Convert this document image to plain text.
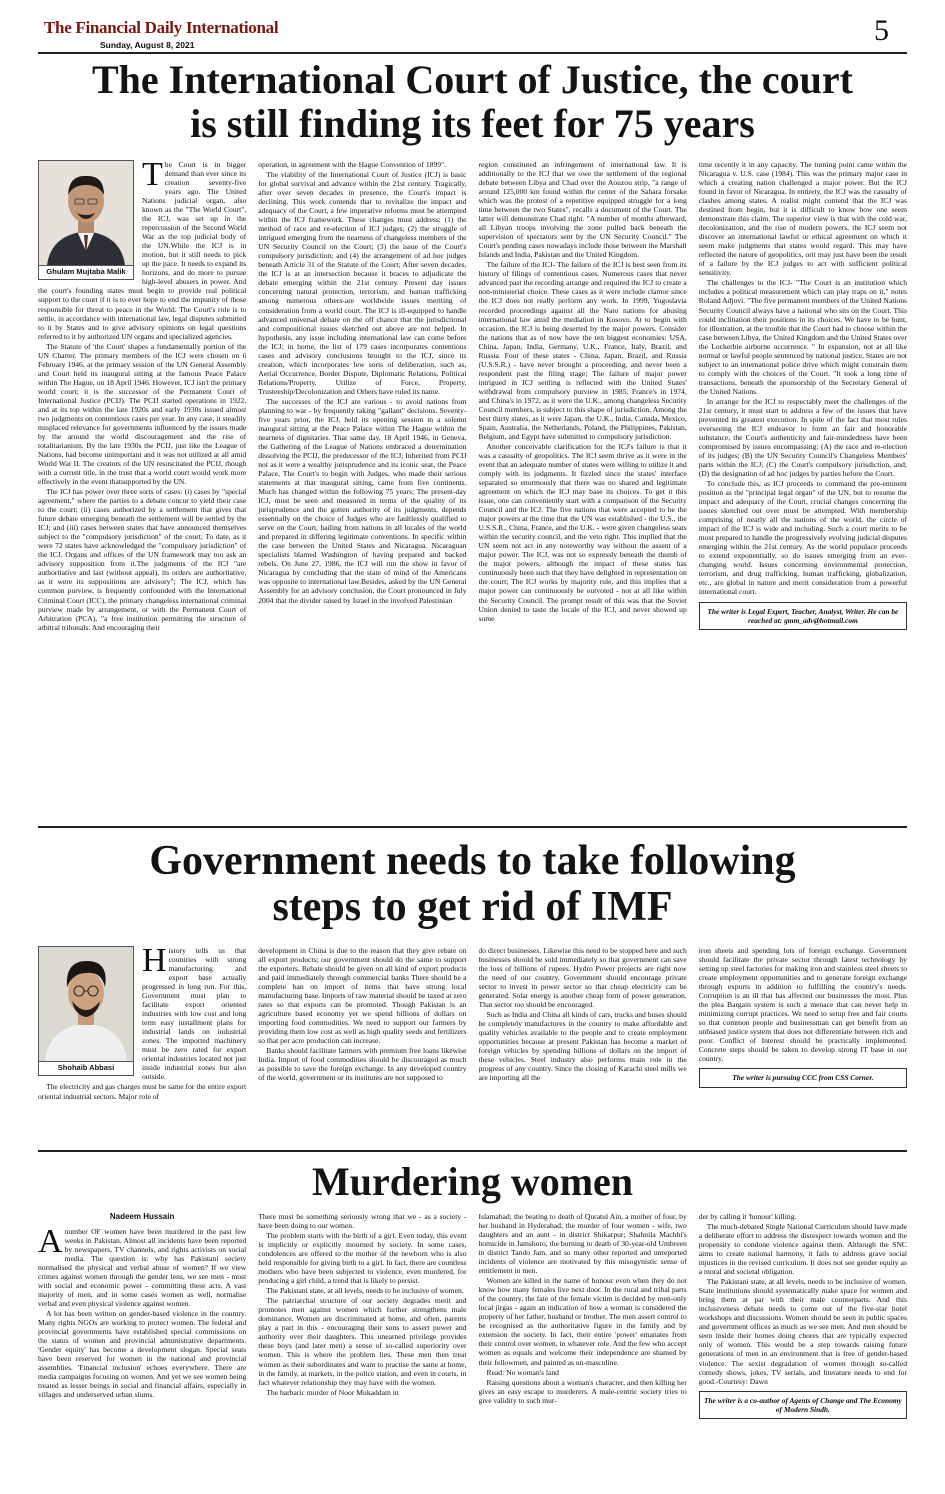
The Financial Daily International
Sunday, August 8, 2021	5
The International Court of Justice, the court
is still finding its feet for 75 years
Ghulam Mujtaba Malik
T he Court is in bigger demand than ever since its creation seventy-five years ago. The United Nations judicial organ, also known as the "The World Court", the ICJ, was set up in the repercussion of the Second World War as the top judicial body of the UN.While the ICJ is in motion, but it still needs to pick up the pace. It needs to expand its horizons, and do more to pursue high-level abusers in power. And the court's founding states must begin to provide real political support to the court if it is to ever hope to end the impunity of those responsible for threat to peace in the World. The Court's role is to settle, in accordance with international law, legal disputes submitted to it by States and to give advisory opinions on legal questions referred to it by authorized UN organs and specialized agencies.

The Statute of 'the Court' shapes a fundamentally portion of the UN Charter. The primary members of the ICJ were chosen on 6 February 1946, at the primary session of the UN General Assembly and Court held its inaugural sitting at the famous Peace Palace within The Hague, on 18 April 1946. However, ICJ isn't the primary world court; it is the successor of the Permanent Court of International Justice (PCIJ). The PCIJ started operations in 1922, and at its top within the late 1920s and early 1930s issued almost two judgments on contentious cases per year. In any case, it steadily misplaced relevance for governments influenced by the issues made by the around the world discouragement and the rise of totalitarianism. By the late 1930s the PCIJ, just like the League of Nations, had become unimportant and it was not utilized at all amid World War II. The creators of the UN resuscitated the PCIJ, though with a current title, in the trust that a world court would work more effectively in the event thatsupported by the UN.

The ICJ has power over three sorts of cases: (i) cases by "special agreement," where the parties to a debate concur to yield their case to the court; (ii) cases authorized by a settlement that gives that future debate emerging beneath the settlement will be settled by the ICJ; and (iii) cases between states that have announced themselves subject to the "compulsory jurisdiction" of the court; To date, as it were 72 states have acknowledged the "compulsory jurisdiction" of the ICJ. Organs and offices of the UN framework may too ask an advisory supposition from it.The judgments of the ICJ "are authoritative and last (without appeal), its orders are authoritative, as it were its suppositions are advisory"; The ICJ, which has common purview, is frequently confounded with the International Criminal Court (ICC), the primary changeless international criminal purview made by arrangement, or with the Permanent Court of Arbitration (PCA), "a free institution permitting the structure of arbitral tribunals. And encouraging their

operation, in agreement with the Hague Convention of 1899".

The viability of the International Court of Justice (ICJ) is basic for global survival and advance within the 21st century. Tragically, after over seven decades in presence, the Court's impact is declining. This work contends that to revitalize the impact and adequacy of the Court, a few imperative reforms must be attempted within the ICJ framework. These changes must address: (1) the method of race and re-election of ICJ judges; (2) the struggle of intrigued emerging from the nearness of changeless members of the UN Security Council on the Court; (3) the issue of the Court's compulsory jurisdiction; and (4) the arrangement of ad hoc judges beneath Article 31 of the Statute of the Court; After seven decades, the ICJ is at an intersection because it braces to adjudicate the debate emerging within the 21st century. Present day issues concerning natural protection, terrorism, and human trafficking among numerous others-are worldwide issues meriting of consideration from a world court. The ICJ is ill-equipped to handle advanced universal debate on the off chance that the jurisdictional and compositional issues sketched out above are not helped. In hypothesis, any issue including international law can come before the ICJ; in home, the list of 179 cases incorporates contentious cases and advisory conclusions brought to the ICJ, since its creation, which incorporates few sorts of deliberation, such as, Aerial Occurrence, Border Dispute, Diplomatic Relations, Political Relations/Property, Utilize of Force, Property, Trusteeship/Decolonization and Others have ruled its name.

The successes of the ICJ are various - to avoid nations from planning to war - by frequently taking "gallant" decisions. Seventy-five years prior, the ICJ, held its opening session in a solemn inaugural sitting at the Peace Palace within The Hague within the nearness of dignitaries. That same day, 18 April 1946, in Geneva, the Gathering of the League of Nations embraced a determination dissolving the PCIJ, the predecessor of the ICJ; Inherited from PCIJ not as it were a wealthy jurisprudence and its iconic seat, the Peace Palace, The Court's to begin with Judges, who made their serious statements at that inaugural sitting, came from five continents. Much has changed within the following 75 years; The present-day ICJ, must be seen and measured in terms of the quality of its jurisprudence and the gotten authority of its judgments, depends essentially on the choice of Judges who are faultlessly qualified to serve on the Court, hailing from nations in all locales of the world and prepared in differing legitimate conventions. In specific within the case between the United States and Nicaragua. Nicaraguan specialists blamed Washington of having prepared and backed rebels. On June 27, 1986, the ICJ will run the show in favor of Nicaragua by concluding that the state of mind of the Americans was opposite to international law.Besides, asked by the UN General Assembly for an advisory conclusion, the Court pronounced in July 2004 that the divider raised by Israel in the involved Palestinian

region constituted an infringement of international law. It is additionally to the ICJ that we owe the settlement of the regional debate between Libya and Chad over the Aouzou strip, "a range of around 125,000 km found within the center of the Sahara forsake which was the protest of a repetitive equipped struggle for a long time between the two States", recalls a document of the Court. The latter will demonstrate Chad right. "A number of months afterward, all Libyan troops involving the zone pulled back beneath the supervision of spectators sent by the UN Security Council." The Court's pending cases nowadays include those between the Marshall Islands and India, Pakistan and the United Kingdom.

The failure of the ICJ- The failure of the ICJ is best seen from its history of filings of contentious cases. Numerous cases that never advanced past the recording arrange and required the ICJ to create a non-ministerial choice. These cases as it were include clamor since the ICJ does not really perform any work. In 1999, Yugoslavia recorded proceedings against all the Nato nations for abusing international law amid the mediation in Kosovo. At to begin with occasion, the ICJ is being deserted by the major powers. Consider the nations that as of now have the ten biggest economies: USA, China, Japan, India, Germany, U.K., France, Italy, Brazil, and Russia. Four of these states - China, Japan, Brazil, and Russia (U.S.S.R.) - have never brought a proceeding, and never been a respondent past the filing stage; The failure of major power intrigued in ICJ settling is reflected with the United States' withdrawal from compulsory purview in 1985, France's in 1974, and China's in 1972, as it were the U.K., among changeless Security Council members, is subject to this shape of jurisdiction. Among the best thirty states, as it were Japan, the U.K., India, Canada, Mexico, Spain, Australia, the Netherlands, Poland, the Philippines, Pakistan, Belgium, and Egypt have submitted to compulsory jurisdiction.

Another conceivable clarification for the ICJ's failure is that it was a casualty of geopolitics. The ICJ seem thrive as it were in the event that an adequate number of states were willing to utilize it and comply with its judgments. It fizzled since the states' interface separated so enormously that there was no shared and legitimate agreement on which the ICJ may base its choices. To get it this issue, one can conveniently start with a comparison of the Security Council and the ICJ. The five nations that were accepted to be the major powers at the time that the UN was established - the U.S., the U.S.S.R., China, France, and the U.K. - were given changeless seats within the security council, and the veto right. This implied that the UN seem not act in any noteworthy way without the assent of a major power. The ICJ, was not so expressly beneath the thumb of the major powers, although the impact of these states has continuously been such that they have delighted in representation on the court; The ICJ works by majority rule, and this implies that a major power can continuously be outvoted - not at all like within the Security Council. The prompt result of this was that the Soviet Union denied to taste the locale of the ICJ, and never showed up some

time recently it in any capacity. The turning point came within the Nicaragua v. U.S. case (1984). This was the primary major case in which a creating nation challenged a major power. But the ICJ found in favor of Nicaragua. In entirety, the ICJ was the casualty of clashes among states. A realist might contend that the ICJ was destined from begin, but it is difficult to know how one seem demonstrate this claim. The superior view is that with the cold war, decolonization, and the rise of modern powers, the ICJ seem not discover an international lawful or ethical agreement on which it seem make judgments that states would regard. This may have reflected the nature of geopolitics, orit may just have been the result of a failure by the ICJ judges to act with sufficient political sensitivity.

The challenges to the ICJ- "The Court is an institution which includes a political measurement which can play traps on it," notes Roland Adjovi. "The five permanent members of the United Nations Security Council always have a national who sits on the Court. This could inclination their positions in its choices. We have to be hunt, for illustration, at the trouble that the Court had to choose within the case between Libya, the United Kingdom and the United States over the Lockerbie airborne occurrence. " In expansion, not at all like normal or lawful people sentenced by national justice, States are not subject to an international police drive which might constrain them to comply with the choices of the Court. "It took a long time of transactions, beneath the sponsorship of the Secretary General of the United Nations.

In arrange for the ICJ to respectably meet the challenges of the 21st century, it must start to address a few of the issues that have prevented its greatest execution. In spite of the fact that most rules overseeing the ICJ endeavor to form an fair and honorable substance, the Court's authenticity and fair-mindedness have been compromised by issues encompassing: (A) the race and re-election of its judges; (B) the UN Security Council's Changeless Members' parts within the ICJ; (C) the Court's compulsory jurisdiction, and; (D) the designation of ad hoc judges by parties before the Court.

To conclude this, as ICJ proceeds to command the pre-eminent position as the "principal legal organ" of the UN, but to resume the impact and adequacy of the Court, crucial changes concerning the issues sketched out over must be attempted. With membership comprising of nearly all the nations of the world, the circle of impact of the ICJ is wide and including. Such a court merits to be most prepared to handle the progressively evolving judicial disputes emerging within the 21st century. As the world populace proceeds to extend exponentially, so do issues emerging from an ever-changing world. Issues concerning environmental protection, terrorism, and drug trafficking, human trafficking, globalization, etc., are global in nature and merit consideration from a powerful international court.

The writer is Legal Expert, Teacher, Analyst, Writer. He can be reached at: gmm_adv@hotmail.com
Government needs to take following
steps to get rid of IMF
Shohaib Abbasi
H istory tells us that countries with strong manufacturing and export base actually progressed in long run. For this, Government must plan to facilitate export oriented industries with low cost and long term easy installment plans for industrial lands on industrial zones. The imported machinery must be zero rated for export oriental industries located not just inside industrial zones but also outside.

The electricity and gas charges must be same for the entire export oriental industrial sectors. Major role of

development in China is due to the reason that they give rebate on all export products; our government should do the same to support the exporters. Rebate should be given on all kind of export products and paid immediately through commercial banks There should be a complete ban on import of items that have strong local manufacturing base. Imports of raw material should be taxed at zero rates so that exports can be promoted. Though Pakistan is an agriculture based economy yet we spend billions of dollars on importing food commodities. We need to support our farmers by providing them low cost as well as high quality seeds and fertilizers so that per acre production can increase.

Banks should facilitate farmers with premium free loans likewise India. Import of food commodities should be discouraged as much as possible to save the foreign exchange. In any developed country of the world, government or its institutes are not supposed to

do direct businesses. Likewise this need to be stopped here and such businesses should be sold immediately so that government can save the loss of billions of rupees. Hydro Power projects are right now the need of our country. Government should encourage private sector to invest in power sector so that cheap electricity can be generated. Solar energy is another cheap form of power generation. That sector too should be encouraged.

Such as India and China all kinds of cars, trucks and buses should be completely manufactures in the country to make affordable and quality vehicles available to the people and to create employment opportunities because at present Pakistan has become a market of foreign vehicles by spending billions of dollars on the import of these vehicles. Steel industry also performs main role in the progress of any country. Since the closing of Karachi steel mills we are importing all the

iron sheets and spending lots of foreign exchange. Government should facilitate the private sector through latest technology by setting up steel factories for making iron and stainless steel sheets to create employment opportunities and to generate foreign exchange through exports in addition to fulfilling the country's needs. Corruption is an ill that has affected our businesses the most. Plus the plea Bargain system is such a menace that can never help in minimizing corrupt practices. We need to setup free and fair courts so that common people and businessman can get benefit from an unbiased justice system that does not differentiate between rich and poor. Conflict of Interest should be practically implemented. Concrete steps should be taken to develop strong IT base in our country.

The writer is pursuing CCC from CSS Corner.
Murdering women
Nadeem Hussain
A number OF women have been murdered in the past few weeks in Pakistan. Almost all incidents have been reported by newspapers, TV channels, and rights activists on social media. The question is: why has Pakistani society normalised the physical and verbal abuse of women? If we view crimes against women through the gender lens, we see men - most with social and economic power - committing these acts. A vast majority of men, and in some cases women as well, normalise verbal and even physical violence against women.

A lot has been written on gender-based violence in the country. Many rights NGOs are working to protect women. The federal and provincial governments have established special commissions on the status of women and provincial administrative departments. 'Gender equity' has become a development slogan. Special seats have been reserved for women in the national and provincial assemblies. 'Financial inclusion' echoes everywhere. There are media campaigns focusing on women. And yet we see women being treated as lesser beings in social and financial affairs, especially in villages and underserved urban slums.

There must be something seriously wrong that we - as a society - have been doing to our women.

The problem starts with the birth of a girl. Even today, this event is implicitly or explicitly mourned by society. In some cases, condolences are offered to the mother of the newborn who is also held responsible for giving birth to a girl. In fact, there are countless mothers who have been subjected to violence, even murdered, for producing a girl child, a trend that is likely to persist.

The Pakistani state, at all levels, needs to be inclusive of women.

The patriarchal structure of our society degrades merit and promotes men against women which further strengthens male dominance. Women are discriminated at home, and often, parents play a part in this - encouraging their sons to assert power and authority over their daughters. This unearned privilege provides these boys (and later men) a sense of so-called superiority over women. This is where the problem lies. These men then treat women as their subordinates and want to practise the same at home, in the family, at markets, in the police station, and even in courts, in fact whatever relationship they may have with the women.

The barbaric murder of Noor Mukaddam in

Islamabad; the beating to death of Quratul Ain, a mother of four, by her husband in Hyderabad; the murder of four women - wife, two daughters and an aunt - in district Shikarpur; Shahnila Machhi's homicide in Jamshoro, the burning to death of 30-year-old Umbreen in district Tando Jam, and so many other reported and unreported incidents of violence are motivated by this misogynistic sense of entitlement in men.

Women are killed in the name of honour even when they do not know how many females live next door. In the rural and tribal parts of the country, the fate of the female victim is decided by men-only local jirgas - again an indication of how a woman is considered the property of her father, husband or brother. The men assert control to be recognised as the authoritative figure in the family and by extension the society. In fact, their entire 'power' emanates from their control over women, in whatever role. And the few who accept women as equals and welcome their independence are shamed by their fellowmen, and painted as un-masculine.

Read: No woman's land

Raising questions about a woman's character, and then killing her gives an easy escape to murderers. A male-centric society tries to give validity to such mur-

der by calling it 'honour' killing.

The much-debated Single National Curriculum should have made a deliberate effort to address the disrespect towards women and the propensity to condone violence against them. Although the SNC aims to create national harmony, it fails to address grave social injustices in the revised curriculum. It does not see gender equity as a moral and societal obligation.

The Pakistani state, at all levels, needs to be inclusive of women. State institutions should systematically make space for women and bring them at par with their male counterparts. And this inclusiveness debate needs to come out of the five-star hotel workshops and discussions. Women should be seen in public spaces and government offices as much as we see men. And men should be seen inside their homes doing chores that are typically expected only of women. This would be a step towards raising future generations of men in an environment that is free of gender-based violence. The sexist degradation of women through so-called comedy shows, jokes, TV serials, and literature needs to end for good.-Courtesy: Dawn

The writer is a co-author of Agents of Change and The Economy of Modern Sindh.
